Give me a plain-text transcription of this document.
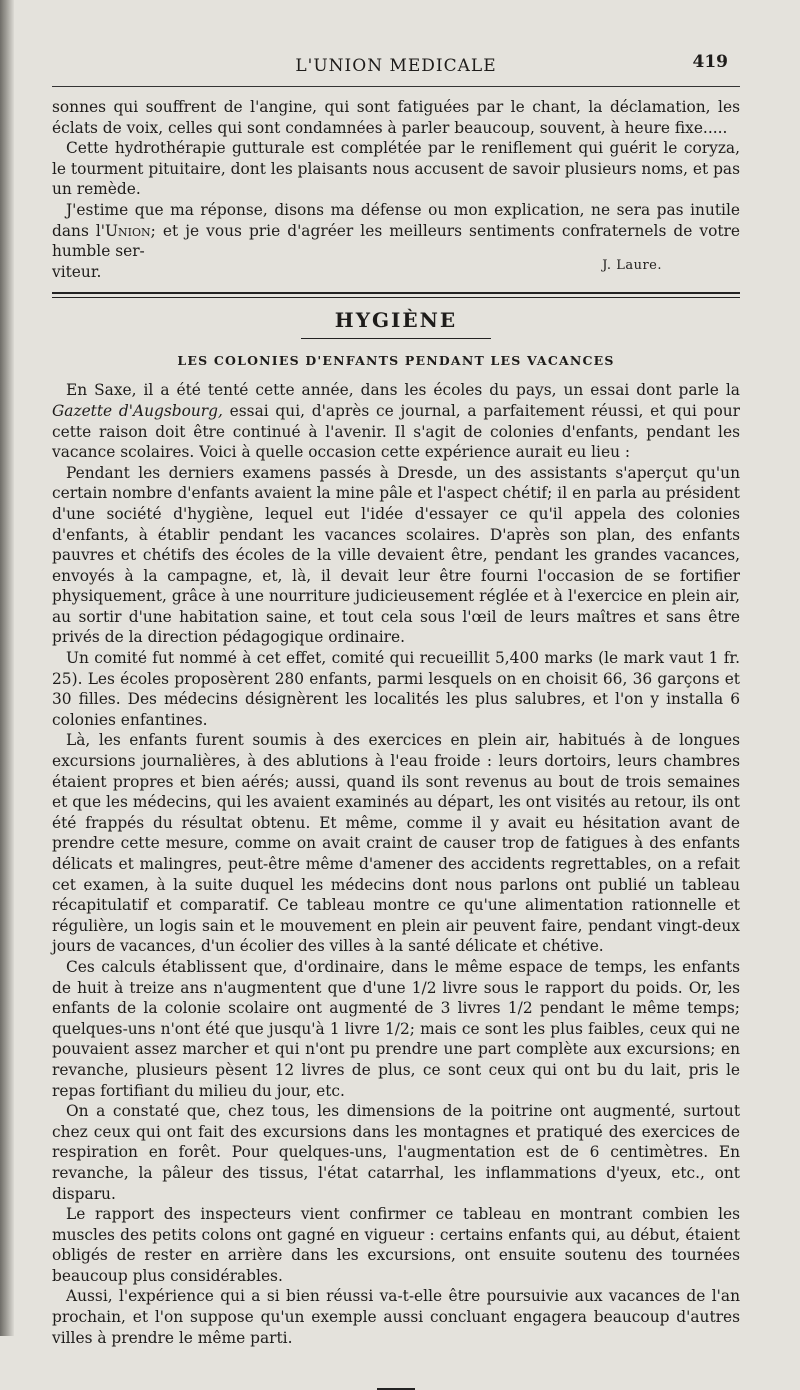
L'UNION MEDICALE	419

sonnes qui souffrent de l'angine, qui sont fatiguées par le chant, la déclamation, les éclats de voix, celles qui sont condamnées à parler beaucoup, souvent, à heure fixe.....

Cette hydrothérapie gutturale est complétée par le reniflement qui guérit le coryza, le tourment pituitaire, dont les plaisants nous accusent de savoir plusieurs noms, et pas un remède.

J'estime que ma réponse, disons ma défense ou mon explication, ne sera pas inutile dans l'Union; et je vous prie d'agréer les meilleurs sentiments confraternels de votre humble ser-

viteur.	J. Laure.
HYGIÈNE
LES COLONIES D'ENFANTS PENDANT LES VACANCES

En Saxe, il a été tenté cette année, dans les écoles du pays, un essai dont parle la Gazette d'Augsbourg, essai qui, d'après ce journal, a parfaitement réussi, et qui pour cette raison doit être continué à l'avenir. Il s'agit de colonies d'enfants, pendant les vacance scolaires. Voici à quelle occasion cette expérience aurait eu lieu :

Pendant les derniers examens passés à Dresde, un des assistants s'aperçut qu'un certain nombre d'enfants avaient la mine pâle et l'aspect chétif; il en parla au président d'une société d'hygiène, lequel eut l'idée d'essayer ce qu'il appela des colonies d'enfants, à établir pendant les vacances scolaires. D'après son plan, des enfants pauvres et chétifs des écoles de la ville devaient être, pendant les grandes vacances, envoyés à la campagne, et, là, il devait leur être fourni l'occasion de se fortifier physiquement, grâce à une nourriture judicieusement réglée et à l'exercice en plein air, au sortir d'une habitation saine, et tout cela sous l'œil de leurs maîtres et sans être privés de la direction pédagogique ordinaire.

Un comité fut nommé à cet effet, comité qui recueillit 5,400 marks (le mark vaut 1 fr. 25). Les écoles proposèrent 280 enfants, parmi lesquels on en choisit 66, 36 garçons et 30 filles. Des médecins désignèrent les localités les plus salubres, et l'on y installa 6 colonies enfantines.

Là, les enfants furent soumis à des exercices en plein air, habitués à de longues excursions journalières, à des ablutions à l'eau froide : leurs dortoirs, leurs chambres étaient propres et bien aérés; aussi, quand ils sont revenus au bout de trois semaines et que les médecins, qui les avaient examinés au départ, les ont visités au retour, ils ont été frappés du résultat obtenu. Et même, comme il y avait eu hésitation avant de prendre cette mesure, comme on avait craint de causer trop de fatigues à des enfants délicats et malingres, peut-être même d'amener des accidents regrettables, on a refait cet examen, à la suite duquel les médecins dont nous parlons ont publié un tableau récapitulatif et comparatif. Ce tableau montre ce qu'une alimentation rationnelle et régulière, un logis sain et le mouvement en plein air peuvent faire, pendant vingt-deux jours de vacances, d'un écolier des villes à la santé délicate et chétive.

Ces calculs établissent que, d'ordinaire, dans le même espace de temps, les enfants de huit à treize ans n'augmentent que d'une 1/2 livre sous le rapport du poids. Or, les enfants de la colonie scolaire ont augmenté de 3 livres 1/2 pendant le même temps; quelques-uns n'ont été que jusqu'à 1 livre 1/2; mais ce sont les plus faibles, ceux qui ne pouvaient assez marcher et qui n'ont pu prendre une part complète aux excursions; en revanche, plusieurs pèsent 12 livres de plus, ce sont ceux qui ont bu du lait, pris le repas fortifiant du milieu du jour, etc.

On a constaté que, chez tous, les dimensions de la poitrine ont augmenté, surtout chez ceux qui ont fait des excursions dans les montagnes et pratiqué des exercices de respiration en forêt. Pour quelques-uns, l'augmentation est de 6 centimètres. En revanche, la pâleur des tissus, l'état catarrhal, les inflammations d'yeux, etc., ont disparu.

Le rapport des inspecteurs vient confirmer ce tableau en montrant combien les muscles des petits colons ont gagné en vigueur : certains enfants qui, au début, étaient obligés de rester en arrière dans les excursions, ont ensuite soutenu des tournées beaucoup plus considérables.

Aussi, l'expérience qui a si bien réussi va-t-elle être poursuivie aux vacances de l'an prochain, et l'on suppose qu'un exemple aussi concluant engagera beaucoup d'autres villes à prendre le même parti.
